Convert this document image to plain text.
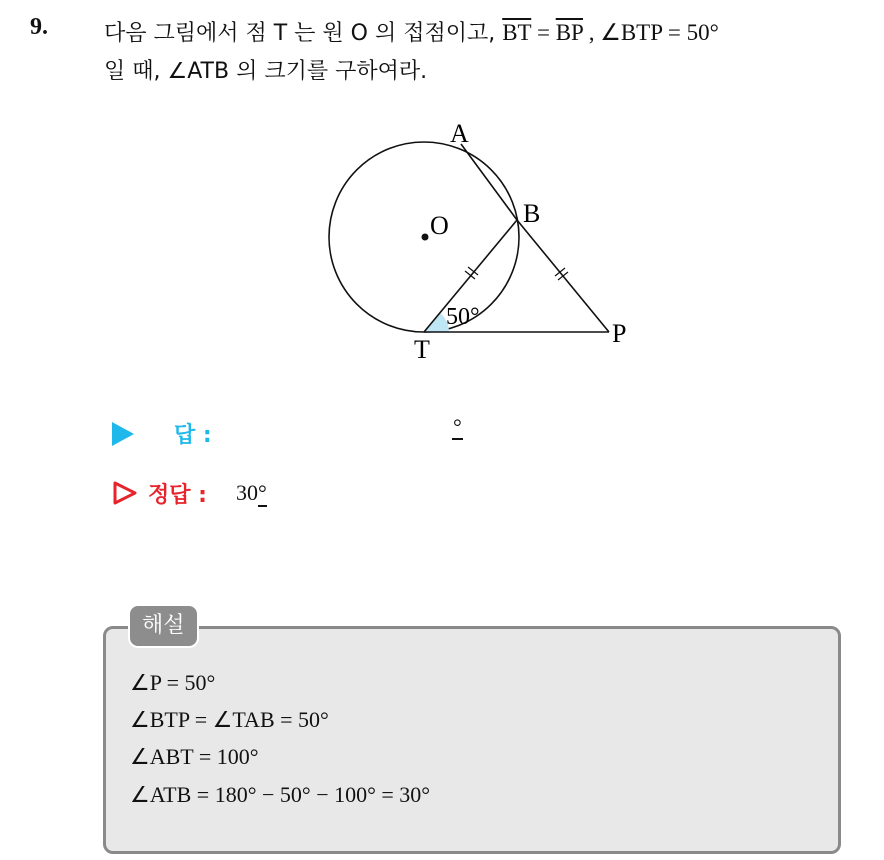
9.	다음 그림에서 점 T 는 원 O 의 접점이고, $\overline{BT} = \overline{BP}$ , ∠BTP = 50°
일 때, ∠ATB 의 크기를 구하여라.
A
B
O
T
P
50°
답 :	°
정답 : 30°
해설
∠P = 50°
∠BTP = ∠TAB = 50°
∠ABT = 100°
∠ATB = 180° − 50° − 100° = 30°
